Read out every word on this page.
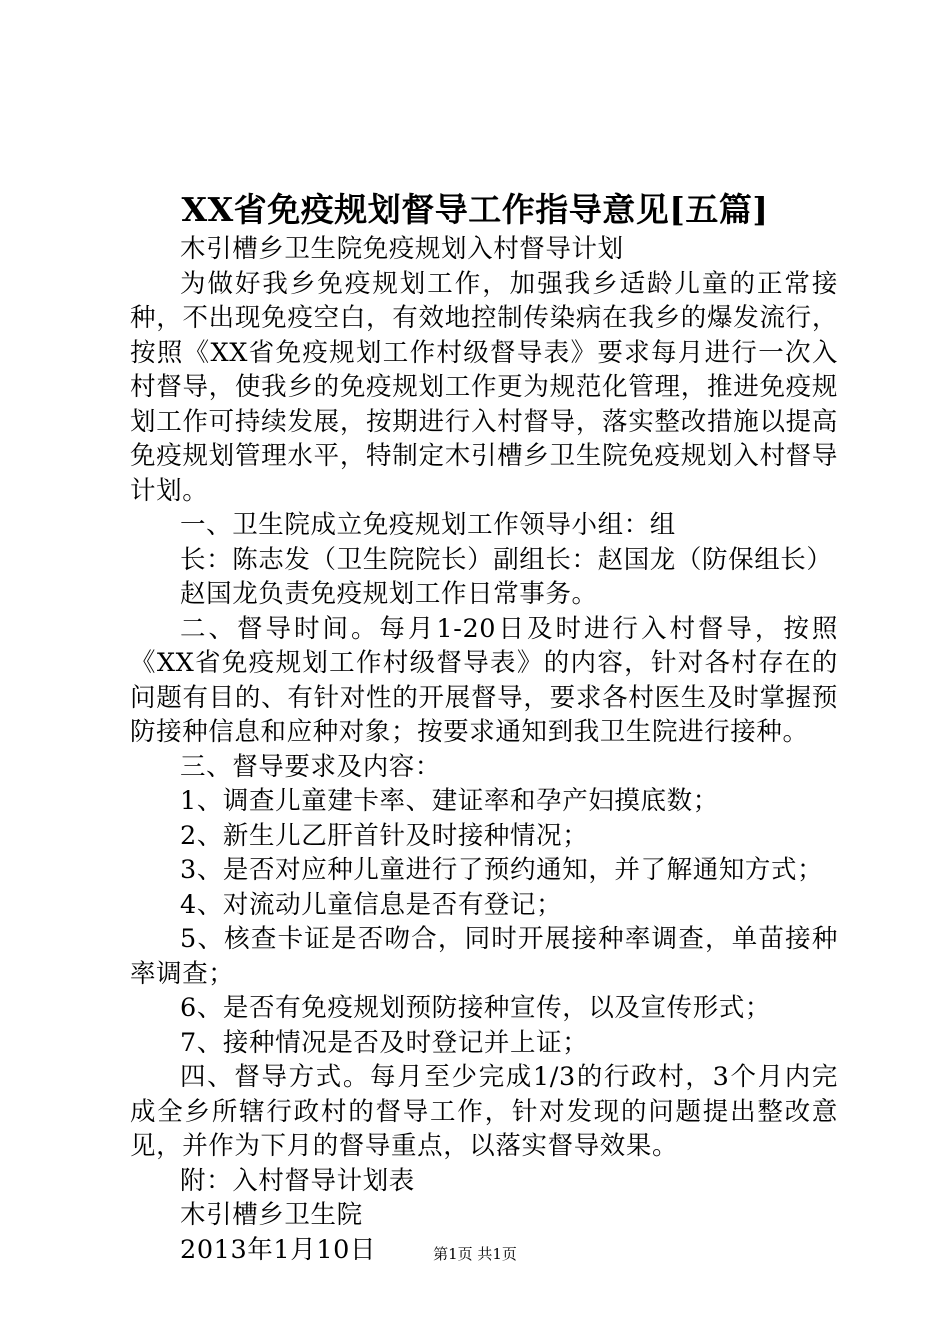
XX省免疫规划督导工作指导意见[五篇]

木引槽乡卫生院免疫规划入村督导计划

为做好我乡免疫规划工作，加强我乡适龄儿童的正常接种，不出现免疫空白，有效地控制传染病在我乡的爆发流行，按照《XX省免疫规划工作村级督导表》要求每月进行一次入村督导，使我乡的免疫规划工作更为规范化管理，推进免疫规划工作可持续发展，按期进行入村督导，落实整改措施以提高免疫规划管理水平，特制定木引槽乡卫生院免疫规划入村督导计划。

一、卫生院成立免疫规划工作领导小组：组

长：陈志发（卫生院院长）副组长：赵国龙（防保组长）

赵国龙负责免疫规划工作日常事务。

二、督导时间。每月1-20日及时进行入村督导，按照《XX省免疫规划工作村级督导表》的内容，针对各村存在的问题有目的、有针对性的开展督导，要求各村医生及时掌握预防接种信息和应种对象；按要求通知到我卫生院进行接种。

三、督导要求及内容：

1、调查儿童建卡率、建证率和孕产妇摸底数；

2、新生儿乙肝首针及时接种情况；

3、是否对应种儿童进行了预约通知，并了解通知方式；

4、对流动儿童信息是否有登记；

5、核查卡证是否吻合，同时开展接种率调查，单苗接种率调查；

6、是否有免疫规划预防接种宣传，以及宣传形式；

7、接种情况是否及时登记并上证；

四、督导方式。每月至少完成1/3的行政村，3个月内完成全乡所辖行政村的督导工作，针对发现的问题提出整改意见，并作为下月的督导重点，以落实督导效果。

附：入村督导计划表

木引槽乡卫生院

2013年1月10日	第1页 共1页
